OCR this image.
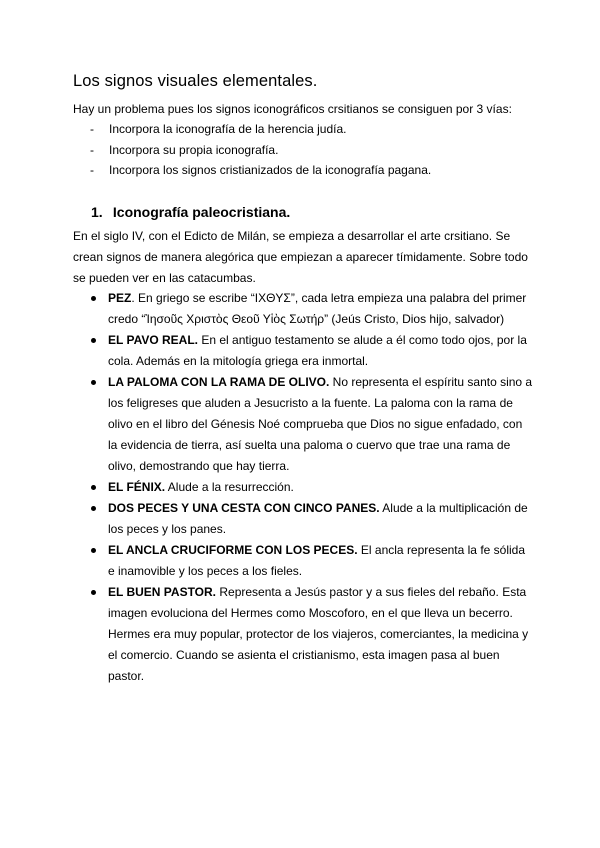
Los signos visuales elementales.

Hay un problema pues los signos iconográficos crsitianos se consiguen por 3 vías:

- Incorpora la iconografía de la herencia judía.
- Incorpora su propia iconografía.
- Incorpora los signos cristianizados de la iconografía pagana.
1. Iconografía paleocristiana.

En el siglo IV, con el Edicto de Milán, se empieza a desarrollar el arte crsitiano. Se crean signos de manera alegórica que empiezan a aparecer tímidamente. Sobre todo se pueden ver en las catacumbas.

PEZ. En griego se escribe “IXΘYΣ”, cada letra empieza una palabra del primer credo “Ἰησοῦς Χριστὸς Θεοῦ Υἱὸς Σωτήρ” (Jeús Cristo, Dios hijo, salvador)
EL PAVO REAL. En el antiguo testamento se alude a él como todo ojos, por la cola. Además en la mitología griega era inmortal.
LA PALOMA CON LA RAMA DE OLIVO. No representa el espíritu santo sino a los feligreses que aluden a Jesucristo a la fuente. La paloma con la rama de olivo en el libro del Génesis Noé comprueba que Dios no sigue enfadado, con la evidencia de tierra, así suelta una paloma o cuervo que trae una rama de olivo, demostrando que hay tierra.
EL FÉNIX. Alude a la resurrección.
DOS PECES Y UNA CESTA CON CINCO PANES. Alude a la multiplicación de los peces y los panes.
EL ANCLA CRUCIFORME CON LOS PECES. El ancla representa la fe sólida e inamovible y los peces a los fieles.
EL BUEN PASTOR. Representa a Jesús pastor y a sus fieles del rebaño. Esta imagen evoluciona del Hermes como Moscoforo, en el que lleva un becerro. Hermes era muy popular, protector de los viajeros, comerciantes, la medicina y el comercio. Cuando se asienta el cristianismo, esta imagen pasa al buen pastor.
